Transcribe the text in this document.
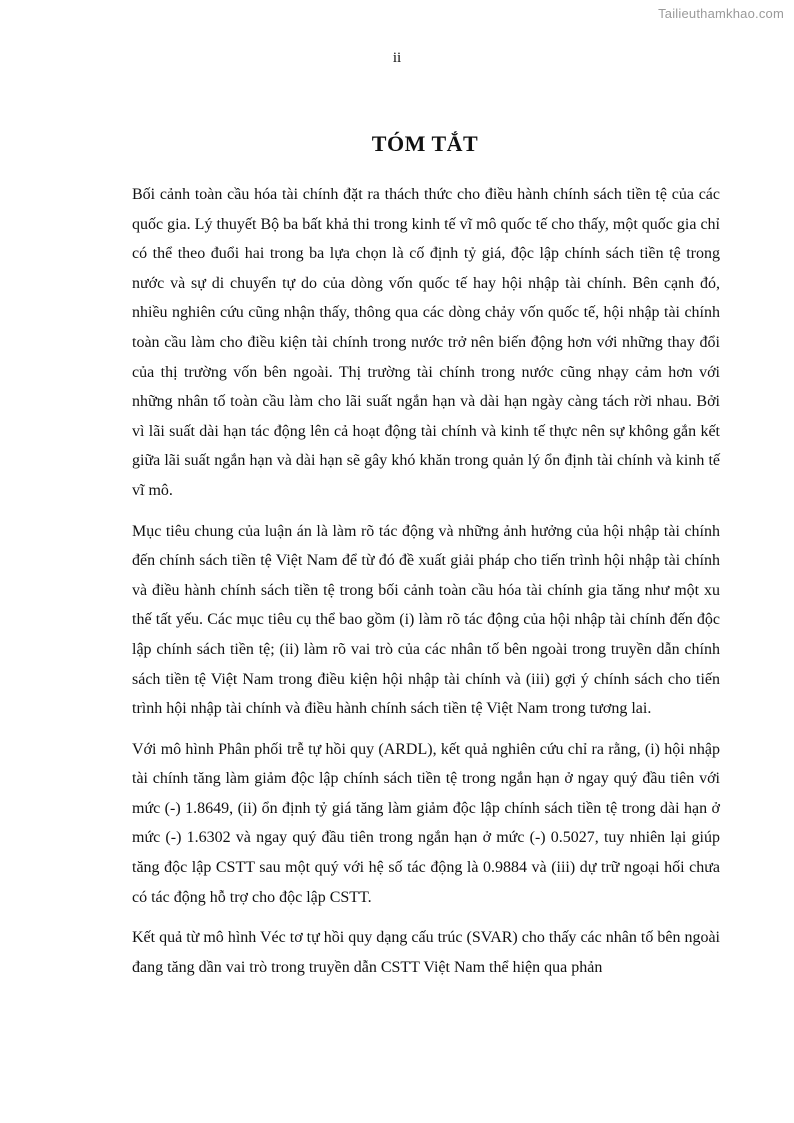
Tailieuthamkhao.com
ii
TÓM TẮT

Bối cảnh toàn cầu hóa tài chính đặt ra thách thức cho điều hành chính sách tiền tệ của các quốc gia. Lý thuyết Bộ ba bất khả thi trong kinh tế vĩ mô quốc tế cho thấy, một quốc gia chỉ có thể theo đuổi hai trong ba lựa chọn là cố định tỷ giá, độc lập chính sách tiền tệ trong nước và sự di chuyển tự do của dòng vốn quốc tế hay hội nhập tài chính. Bên cạnh đó, nhiều nghiên cứu cũng nhận thấy, thông qua các dòng chảy vốn quốc tế, hội nhập tài chính toàn cầu làm cho điều kiện tài chính trong nước trở nên biến động hơn với những thay đổi của thị trường vốn bên ngoài. Thị trường tài chính trong nước cũng nhạy cảm hơn với những nhân tố toàn cầu làm cho lãi suất ngắn hạn và dài hạn ngày càng tách rời nhau. Bởi vì lãi suất dài hạn tác động lên cả hoạt động tài chính và kinh tế thực nên sự không gắn kết giữa lãi suất ngắn hạn và dài hạn sẽ gây khó khăn trong quản lý ổn định tài chính và kinh tế vĩ mô.

Mục tiêu chung của luận án là làm rõ tác động và những ảnh hưởng của hội nhập tài chính đến chính sách tiền tệ Việt Nam để từ đó đề xuất giải pháp cho tiến trình hội nhập tài chính và điều hành chính sách tiền tệ trong bối cảnh toàn cầu hóa tài chính gia tăng như một xu thế tất yếu. Các mục tiêu cụ thể bao gồm (i) làm rõ tác động của hội nhập tài chính đến độc lập chính sách tiền tệ; (ii) làm rõ vai trò của các nhân tố bên ngoài trong truyền dẫn chính sách tiền tệ Việt Nam trong điều kiện hội nhập tài chính và (iii) gợi ý chính sách cho tiến trình hội nhập tài chính và điều hành chính sách tiền tệ Việt Nam trong tương lai.

Với mô hình Phân phối trễ tự hồi quy (ARDL), kết quả nghiên cứu chỉ ra rằng, (i) hội nhập tài chính tăng làm giảm độc lập chính sách tiền tệ trong ngắn hạn ở ngay quý đầu tiên với mức (-) 1.8649, (ii) ổn định tỷ giá tăng làm giảm độc lập chính sách tiền tệ trong dài hạn ở mức (-) 1.6302 và ngay quý đầu tiên trong ngắn hạn ở mức (-) 0.5027, tuy nhiên lại giúp tăng độc lập CSTT sau một quý với hệ số tác động là 0.9884 và (iii) dự trữ ngoại hối chưa có tác động hỗ trợ cho độc lập CSTT.

Kết quả từ mô hình Véc tơ tự hồi quy dạng cấu trúc (SVAR) cho thấy các nhân tố bên ngoài đang tăng dần vai trò trong truyền dẫn CSTT Việt Nam thể hiện qua phản
